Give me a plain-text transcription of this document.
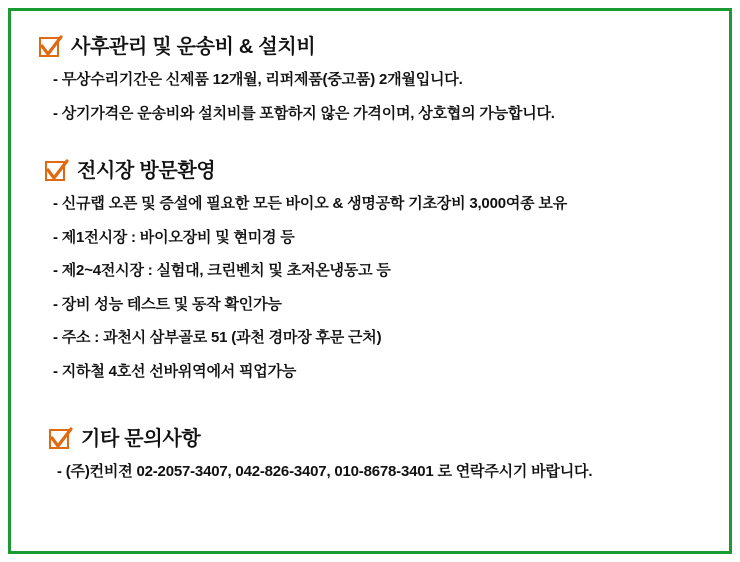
사후관리 및 운송비 & 설치비

- 무상수리기간은 신제품 12개월, 리퍼제품(중고품) 2개월입니다.

- 상기가격은 운송비와 설치비를 포함하지 않은 가격이며, 상호협의 가능합니다.

전시장 방문환영

- 신규랩 오픈 및 증설에 필요한 모든 바이오 & 생명공학 기초장비 3,000여종 보유

- 제1전시장 : 바이오장비 및 현미경 등

- 제2~4전시장 : 실험대, 크린벤치 및 초저온냉동고 등

- 장비 성능 테스트 및 동작 확인가능

- 주소 : 과천시 삼부골로 51 (과천 경마장 후문 근처)

- 지하철 4호선 선바위역에서 픽업가능

기타 문의사항

- (주)컨비젼 02-2057-3407, 042-826-3407, 010-8678-3401 로 연락주시기 바랍니다.
